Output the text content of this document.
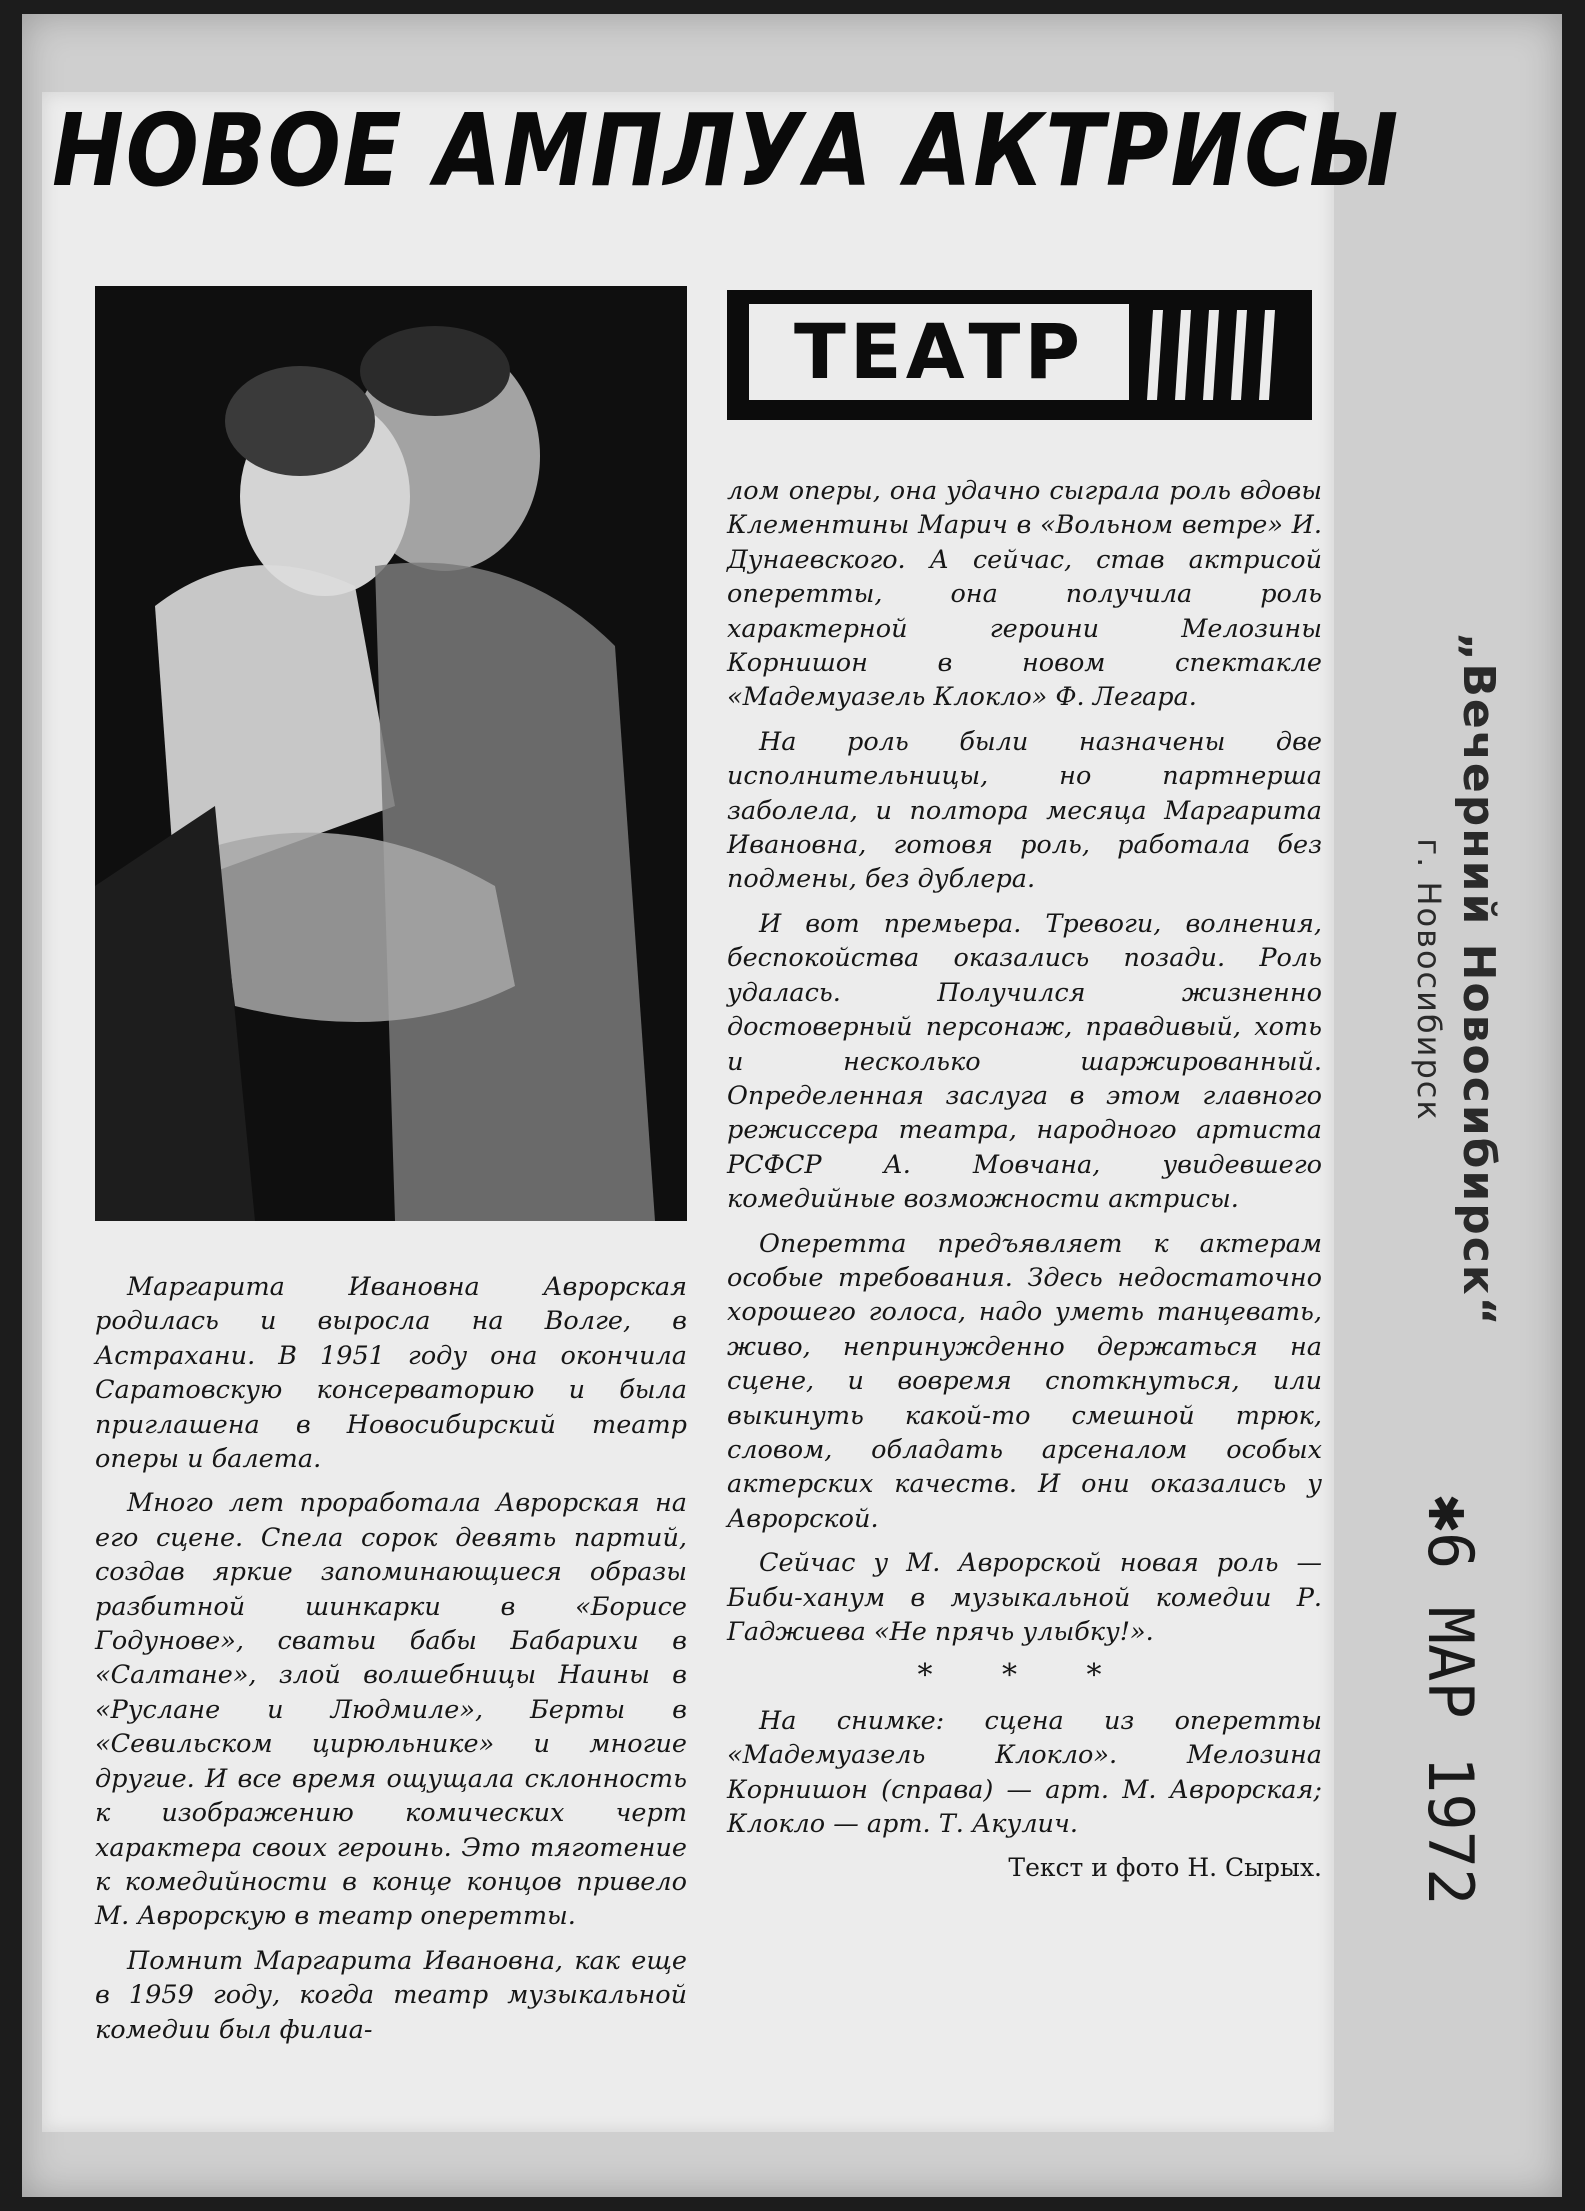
НОВОЕ АМПЛУА АКТРИСЫ
ТЕАТР

Маргарита Ивановна Аврорская родилась и выросла на Волге, в Астрахани. В 1951 году она окончила Саратовскую консерваторию и была приглашена в Новосибирский театр оперы и балета.

Много лет проработала Аврорская на его сцене. Спела сорок девять партий, создав яркие запоминающиеся образы разбитной шинкарки в «Борисе Годунове», сватьи бабы Бабарихи в «Салтане», злой волшебницы Наины в «Руслане и Людмиле», Берты в «Севильском цирюльнике» и многие другие. И все время ощущала склонность к изображению комических черт характера своих героинь. Это тяготение к комедийности в конце концов привело М. Аврорскую в театр оперетты.

Помнит Маргарита Ивановна, как еще в 1959 году, когда театр музыкальной комедии был филиа-

лом оперы, она удачно сыграла роль вдовы Клементины Марич в «Вольном ветре» И. Дунаевского. А сейчас, став актрисой оперетты, она получила роль характерной героини Мелозины Корнишон в новом спектакле «Мадемуазель Клокло» Ф. Легара.

На роль были назначены две исполнительницы, но партнерша заболела, и полтора месяца Маргарита Ивановна, готовя роль, работала без подмены, без дублера.

И вот премьера. Тревоги, волнения, беспокойства оказались позади. Роль удалась. Получился жизненно достоверный персонаж, правдивый, хоть и несколько шаржированный. Определенная заслуга в этом главного режиссера театра, народного артиста РСФСР А. Мовчана, увидевшего комедийные возможности актрисы.

Оперетта предъявляет к актерам особые требования. Здесь недостаточно хорошего голоса, надо уметь танцевать, живо, непринужденно держаться на сцене, и вовремя споткнуться, или выкинуть какой-то смешной трюк, словом, обладать арсеналом особых актерских качеств. И они оказались у Аврорской.

Сейчас у М. Аврорской новая роль — Биби-ханум в музыкальной комедии Р. Гаджиева «Не прячь улыбку!».

* * *

На снимке: сцена из оперетты «Мадемуазель Клокло». Мелозина Корнишон (справа) — арт. М. Аврорская; Клокло — арт. Т. Акулич.

Текст и фото Н. Сырых.
„Вечерний Новосибирск“
г. Новосибирск
✱6 МАР 1972
